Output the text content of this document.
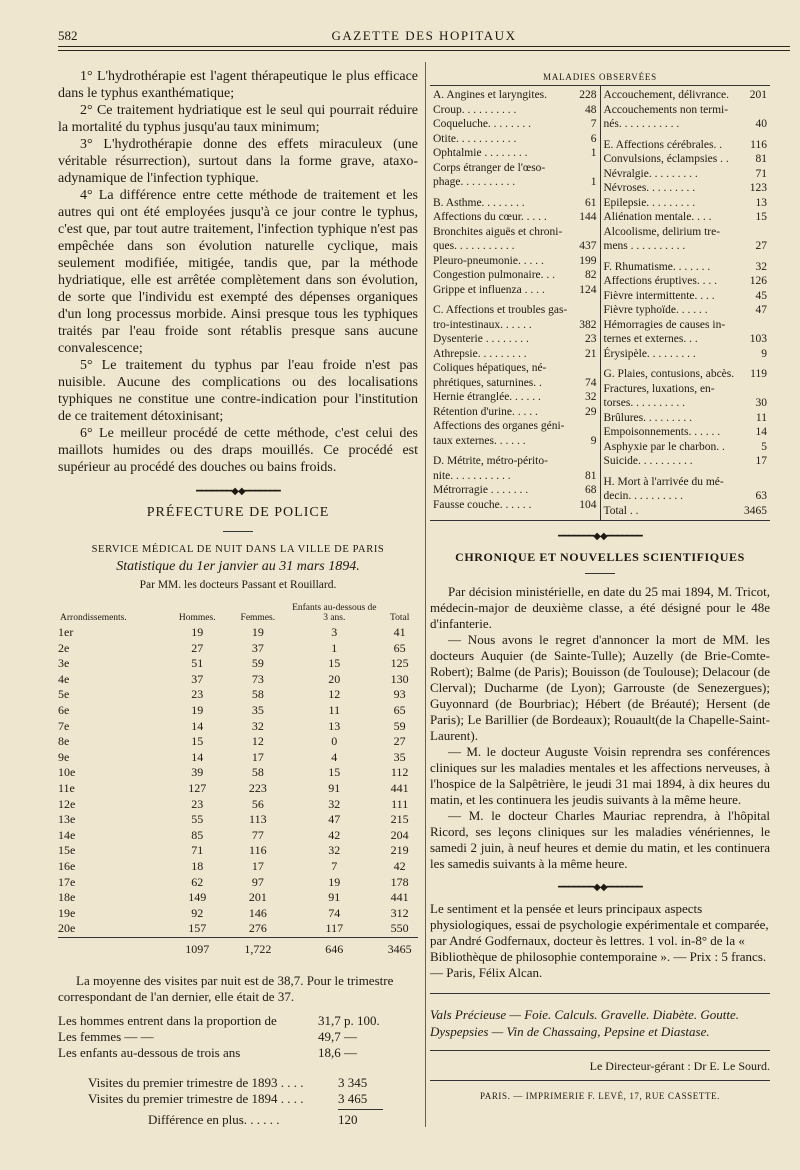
582	GAZETTE DES HOPITAUX

1° L'hydrothérapie est l'agent thérapeutique le plus efficace dans le typhus exanthématique;

2° Ce traitement hydriatique est le seul qui pourrait réduire la mortalité du typhus jusqu'au taux minimum;

3° L'hydrothérapie donne des effets miraculeux (une véritable résurrection), surtout dans la forme grave, ataxo-adynamique de l'infection typhique.

4° La différence entre cette méthode de traitement et les autres qui ont été employées jusqu'à ce jour contre le typhus, c'est que, par tout autre traitement, l'infection typhique n'est pas empêchée dans son évolution naturelle cyclique, mais seulement modifiée, mitigée, tandis que, par la méthode hydriatique, elle est arrêtée complètement dans son évolution, de sorte que l'individu est exempté des dépenses organiques d'un long processus morbide. Ainsi presque tous les typhiques traités par l'eau froide sont rétablis presque sans aucune convalescence;

5° Le traitement du typhus par l'eau froide n'est pas nuisible. Aucune des complications ou des localisations typhiques ne constitue une contre-indication pour l'institution de ce traitement détoxinisant;

6° Le meilleur procédé de cette méthode, c'est celui des maillots humides ou des draps mouillés. Ce procédé est supérieur au procédé des douches ou bains froids.

━━━━━━━◆◆━━━━━━━
PRÉFECTURE DE POLICE
SERVICE MÉDICAL DE NUIT DANS LA VILLE DE PARIS
Statistique du 1er janvier au 31 mars 1894.
Par MM. les docteurs Passant et Rouillard.
Arrondissements.	Hommes.	Femmes.	Enfants au-dessous de 3 ans.	Total
1er	19	19	3	41
2e	27	37	1	65
3e	51	59	15	125
4e	37	73	20	130
5e	23	58	12	93
6e	19	35	11	65
7e	14	32	13	59
8e	15	12	0	27
9e	14	17	4	35
10e	39	58	15	112
11e	127	223	91	441
12e	23	56	32	111
13e	55	113	47	215
14e	85	77	42	204
15e	71	116	32	219
16e	18	17	7	42
17e	62	97	19	178
18e	149	201	91	441
19e	92	146	74	312
20e	157	276	117	550
	1097	1,722	646	3465

La moyenne des visites par nuit est de 38,7. Pour le trimestre correspondant de l'an dernier, elle était de 37.

Les hommes entrent dans la proportion de	31,7 p. 100.
Les femmes — —	49,7 —
Les enfants au-dessous de trois ans	18,6 —
Visites du premier trimestre de 1893 . . . .	3 345
Visites du premier trimestre de 1894 . . . .	3 465
Différence en plus. . . . . .	120
MALADIES OBSERVÉES
A. Angines et laryngites.	228
Croup. . . . . . . . . .	48
Coqueluche. . . . . . . .	7
Otite. . . . . . . . . . .	6
Ophtalmie . . . . . . . .	1
Corps étranger de l'œso-
phage. . . . . . . . . .	1
B. Asthme. . . . . . . .	61
Affections du cœur. . . . .	144
Bronchites aiguës et chroni-
ques. . . . . . . . . . .	437
Pleuro-pneumonie. . . . .	199
Congestion pulmonaire. . .	82
Grippe et influenza . . . .	124
C. Affections et troubles gas-
tro-intestinaux. . . . . .	382
Dysenterie . . . . . . . .	23
Athrepsie. . . . . . . . .	21
Coliques hépatiques, né-
phrétiques, saturnines. .	74
Hernie étranglée. . . . . .	32
Rétention d'urine. . . . .	29
Affections des organes géni-
taux externes. . . . . .	9
D. Métrite, métro-périto-
nite. . . . . . . . . . .	81
Métrorragie . . . . . . .	68
Fausse couche. . . . . .	104
Accouchement, délivrance.	201
Accouchements non termi-
nés. . . . . . . . . . .	40
E. Affections cérébrales. .	116
Convulsions, éclampsies . .	81
Névralgie. . . . . . . . .	71
Névroses. . . . . . . . .	123
Epilepsie. . . . . . . . .	13
Aliénation mentale. . . .	15
Alcoolisme, delirium tre-
mens . . . . . . . . . .	27
F. Rhumatisme. . . . . . .	32
Affections éruptives. . . .	126
Fièvre intermittente. . . .	45
Fièvre typhoïde. . . . . .	47
Hémorragies de causes in-
ternes et externes. . .	103
Érysipèle. . . . . . . . .	9
G. Plaies, contusions, abcès.	119
Fractures, luxations, en-
torses. . . . . . . . . .	30
Brûlures. . . . . . . . .	11
Empoisonnements. . . . . .	14
Asphyxie par le charbon. .	5
Suicide. . . . . . . . . .	17
H. Mort à l'arrivée du mé-
decin. . . . . . . . . .	63
Total . .	3465
━━━━━━━◆◆━━━━━━━
CHRONIQUE ET NOUVELLES SCIENTIFIQUES

Par décision ministérielle, en date du 25 mai 1894, M. Tricot, médecin-major de deuxième classe, a été désigné pour le 48e d'infanterie.

— Nous avons le regret d'annoncer la mort de MM. les docteurs Auquier (de Sainte-Tulle); Auzelly (de Brie-Comte-Robert); Balme (de Paris); Bouisson (de Toulouse); Delacour (de Clerval); Ducharme (de Lyon); Garrouste (de Senezergues); Guyonnard (de Bourbriac); Hébert (de Bréauté); Hersent (de Paris); Le Barillier (de Bordeaux); Rouault(de la Chapelle-Saint-Laurent).

— M. le docteur Auguste Voisin reprendra ses conférences cliniques sur les maladies mentales et les affections nerveuses, à l'hospice de la Salpêtrière, le jeudi 31 mai 1894, à dix heures du matin, et les continuera les jeudis suivants à la même heure.

— M. le docteur Charles Mauriac reprendra, à l'hôpital Ricord, ses leçons cliniques sur les maladies vénériennes, le samedi 2 juin, à neuf heures et demie du matin, et les continuera les samedis suivants à la même heure.

━━━━━━━◆◆━━━━━━━

Le sentiment et la pensée et leurs principaux aspects physiologiques, essai de psychologie expérimentale et comparée, par André Godfernaux, docteur ès lettres. 1 vol. in-8° de la « Bibliothèque de philosophie contemporaine ». — Prix : 5 francs. — Paris, Félix Alcan.

Vals Précieuse — Foie. Calculs. Gravelle. Diabète. Goutte.

Dyspepsies — Vin de Chassaing, Pepsine et Diastase.

Le Directeur-gérant : Dr E. Le Sourd.

PARIS. — IMPRIMERIE F. LEVÉ, 17, RUE CASSETTE.
